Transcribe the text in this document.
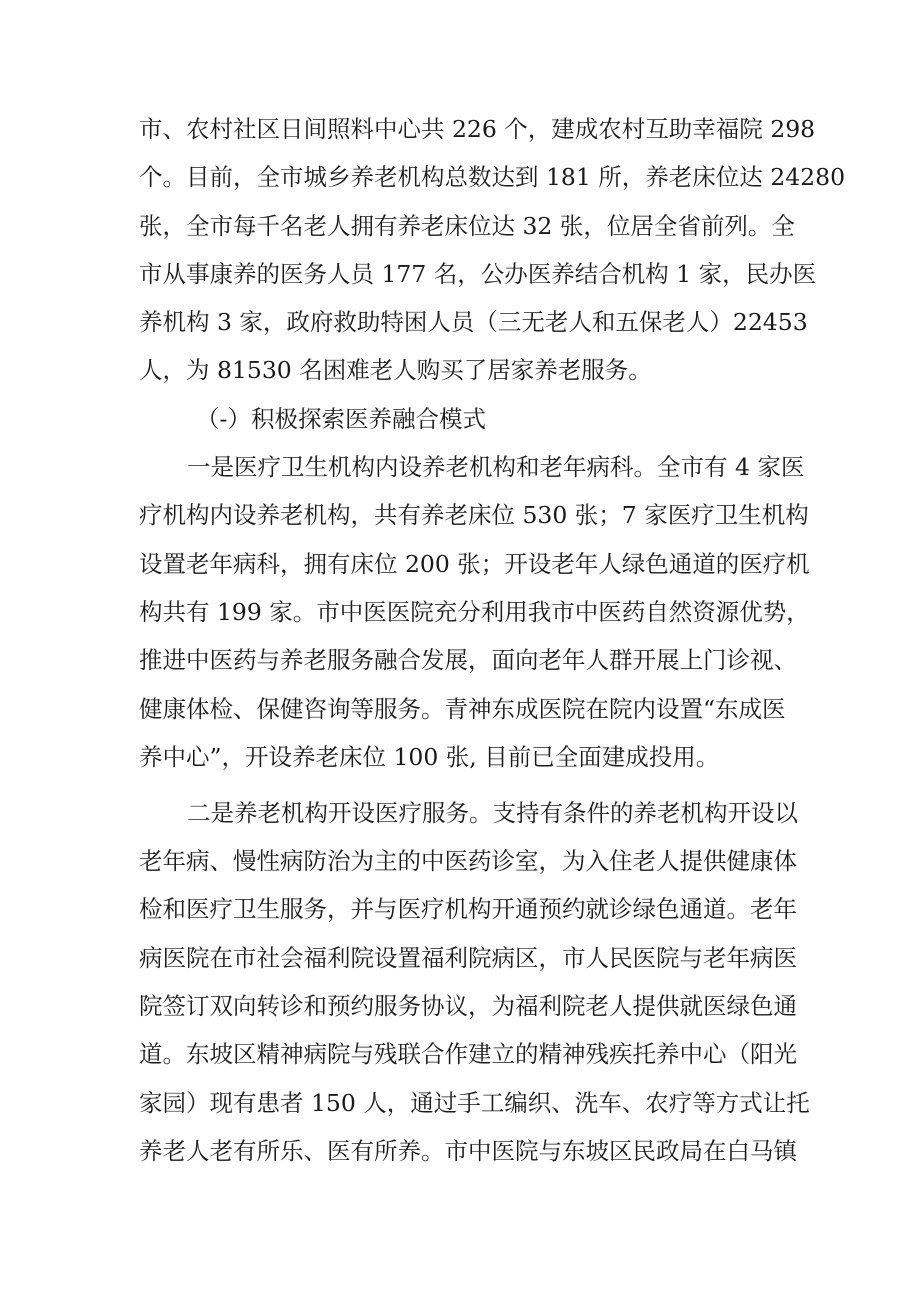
市、农村社区日间照料中心共 226 个，建成农村互助幸福院 298
个。目前，全市城乡养老机构总数达到 181 所，养老床位达 24280
张，全市每千名老人拥有养老床位达 32 张，位居全省前列。全
市从事康养的医务人员 177 名，公办医养结合机构 1 家，民办医
养机构 3 家，政府救助特困人员（三无老人和五保老人）22453
人，为 81530 名困难老人购买了居家养老服务。
（-）积极探索医养融合模式
一是医疗卫生机构内设养老机构和老年病科。全市有 4 家医
疗机构内设养老机构，共有养老床位 530 张；7 家医疗卫生机构
设置老年病科，拥有床位 200 张；开设老年人绿色通道的医疗机
构共有 199 家。市中医医院充分利用我市中医药自然资源优势，
推进中医药与养老服务融合发展，面向老年人群开展上门诊视、
健康体检、保健咨询等服务。青神东成医院在院内设置“东成医
养中心”，开设养老床位 100 张, 目前已全面建成投用。
二是养老机构开设医疗服务。支持有条件的养老机构开设以
老年病、慢性病防治为主的中医药诊室，为入住老人提供健康体
检和医疗卫生服务，并与医疗机构开通预约就诊绿色通道。老年
病医院在市社会福利院设置福利院病区，市人民医院与老年病医
院签订双向转诊和预约服务协议，为福利院老人提供就医绿色通
道。东坡区精神病院与残联合作建立的精神残疾托养中心（阳光
家园）现有患者 150 人，通过手工编织、洗车、农疗等方式让托
养老人老有所乐、医有所养。市中医院与东坡区民政局在白马镇
